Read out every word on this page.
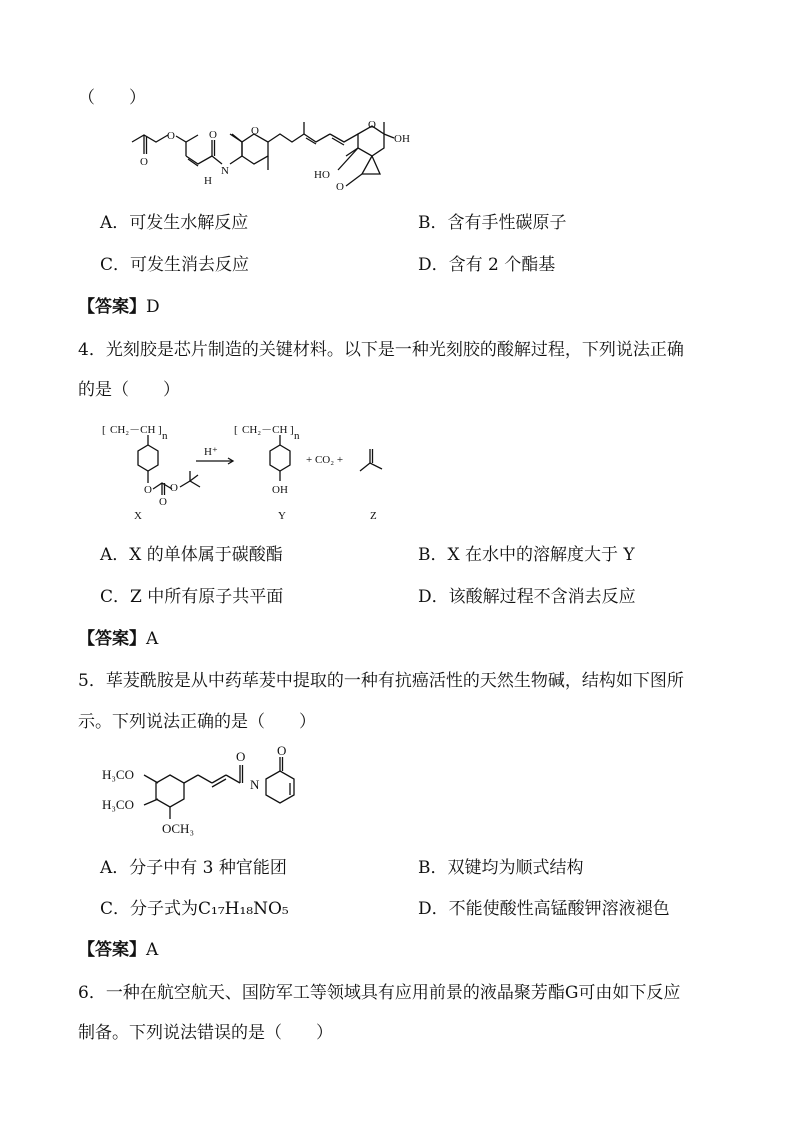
（　　）
O
O	O
N
H
O	O
OH
HO
O
A．可发生水解反应	B．含有手性碳原子
C．可发生消去反应	D．含有 2 个酯基
【答案】D
4．光刻胶是芯片制造的关键材料。以下是一种光刻胶的酸解过程，下列说法正确
的是（　　）
[ CH₂－CH ] n
O
O
O
X
H⁺
[ CH₂－CH ] n
OH
Y
+ CO₂ +
Z
A．X 的单体属于碳酸酯	B．X 在水中的溶解度大于 Y
C．Z 中所有原子共平面	D．该酸解过程不含消去反应
【答案】A
5．荜茇酰胺是从中药荜茇中提取的一种有抗癌活性的天然生物碱，结构如下图所
示。下列说法正确的是（　　）
H₃CO
H₃CO
OCH₃
O
N
O
A．分子中有 3 种官能团	B．双键均为顺式结构
C．分子式为C₁₇H₁₈NO₅	D．不能使酸性高锰酸钾溶液褪色
【答案】A
6．一种在航空航天、国防军工等领域具有应用前景的液晶聚芳酯G可由如下反应
制备。下列说法错误的是（　　）
